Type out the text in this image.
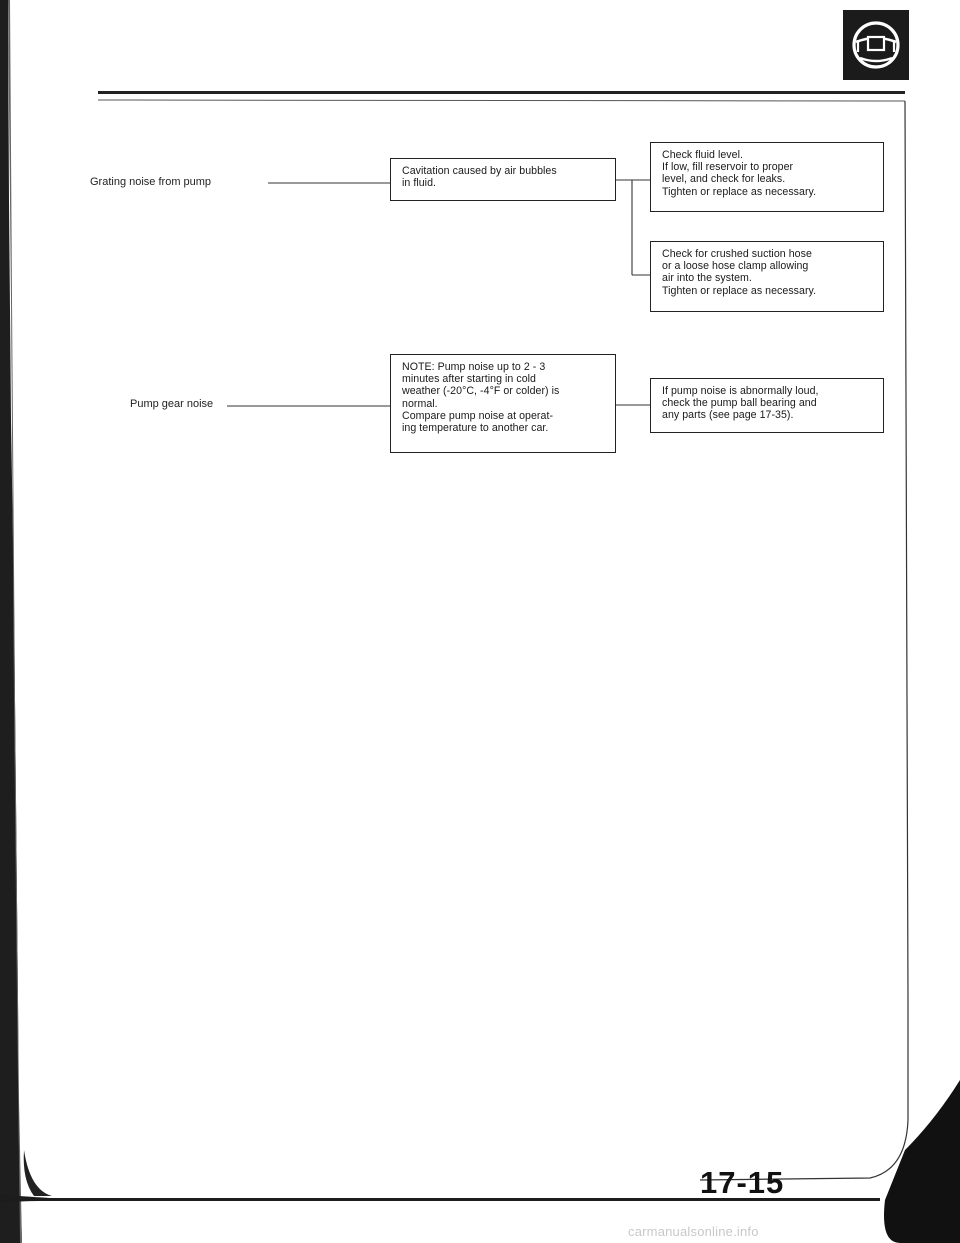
Grating noise from pump
Pump gear noise
Cavitation caused by air bubbles
in fluid.
NOTE: Pump noise up to 2 - 3
minutes after starting in cold
weather (-20°C, -4°F or colder) is
normal.
Compare pump noise at operat-
ing temperature to another car.
Check fluid level.
If low, fill reservoir to proper
level, and check for leaks.
Tighten or replace as necessary.
Check for crushed suction hose
or a loose hose clamp allowing
air into the system.
Tighten or replace as necessary.
If pump noise is abnormally loud,
check the pump ball bearing and
any parts (see page 17-35).
17-15
carmanualsonline.info
